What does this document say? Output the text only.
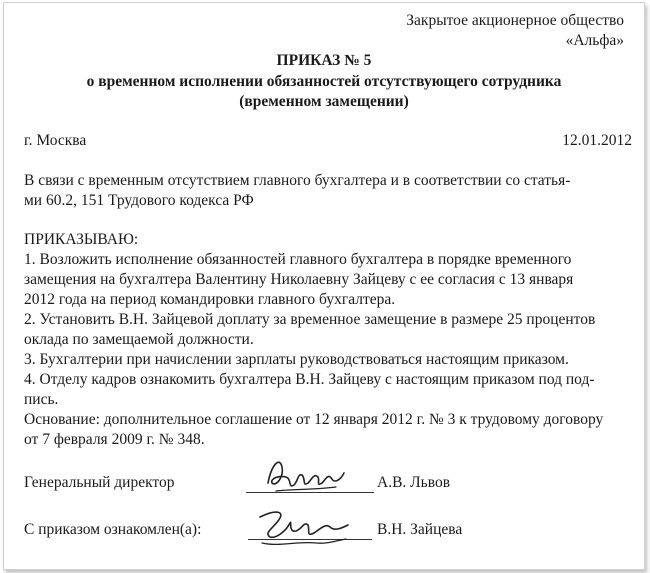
Закрытое акционерное общество
«Альфа»
ПРИКАЗ № 5
о временном исполнении обязанностей отсутствующего сотрудника
(временном замещении)
г. Москва	12.01.2012
В связи с временным отсутствием главного бухгалтера и в соответствии со статья-
ми 60.2, 151 Трудового кодекса РФ
ПРИКАЗЫВАЮ:
1. Возложить исполнение обязанностей главного бухгалтера в порядке временного
замещения на бухгалтера Валентину Николаевну Зайцеву с ее согласия с 13 января
2012 года на период командировки главного бухгалтера.
2. Установить В.Н. Зайцевой доплату за временное замещение в размере 25 процентов
оклада по замещаемой должности.
3. Бухгалтерии при начислении зарплаты руководствоваться настоящим приказом.
4. Отделу кадров ознакомить бухгалтера В.Н. Зайцеву с настоящим приказом под под-
пись.
Основание: дополнительное соглашение от 12 января 2012 г. № 3 к трудовому договору
от 7 февраля 2009 г. № 348.
Генеральный директор	А.В. Львов
С приказом ознакомлен(а):	В.Н. Зайцева
